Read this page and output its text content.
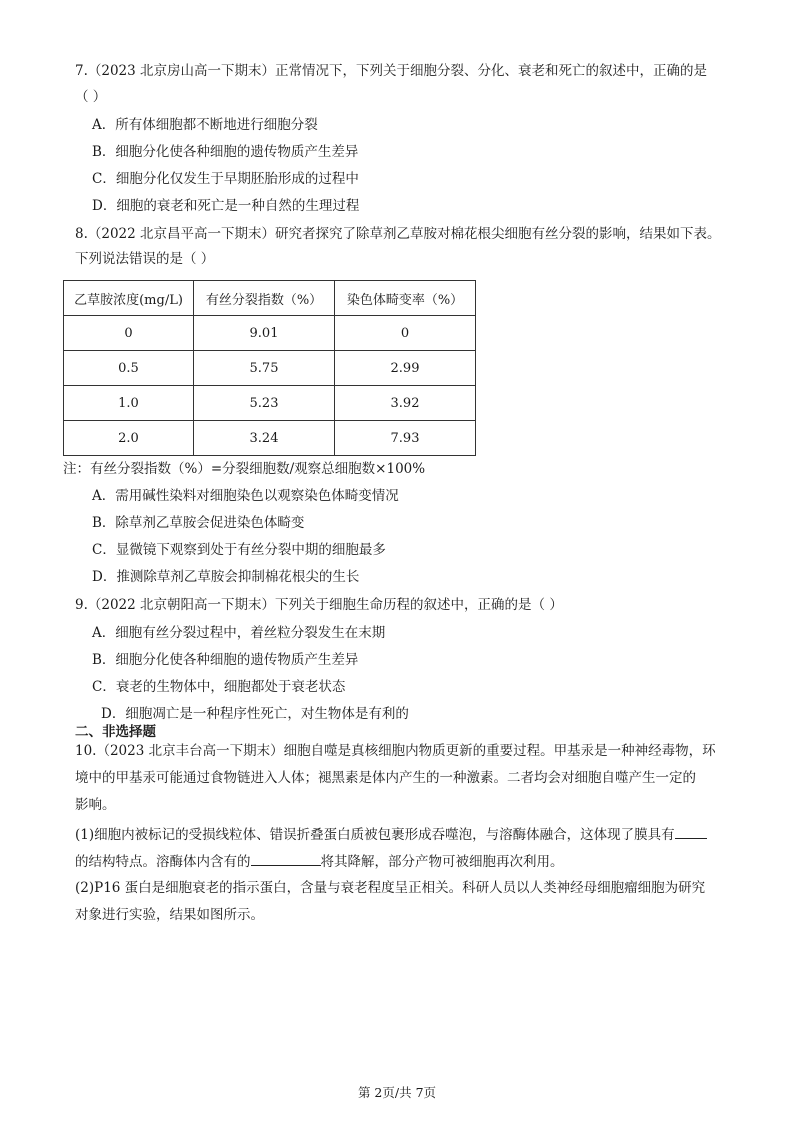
7.（2023 北京房山高一下期末）正常情况下，下列关于细胞分裂、分化、衰老和死亡的叙述中，正确的是
（ ）
A．所有体细胞都不断地进行细胞分裂
B．细胞分化使各种细胞的遗传物质产生差异
C．细胞分化仅发生于早期胚胎形成的过程中
D．细胞的衰老和死亡是一种自然的生理过程
8.（2022 北京昌平高一下期末）研究者探究了除草剂乙草胺对棉花根尖细胞有丝分裂的影响，结果如下表。
下列说法错误的是（ ）
乙草胺浓度(mg/L)	有丝分裂指数（%）	染色体畸变率（%）
0	9.01	0
0.5	5.75	2.99
1.0	5.23	3.92
2.0	3.24	7.93
注：有丝分裂指数（%）=分裂细胞数/观察总细胞数×100%
A．需用碱性染料对细胞染色以观察染色体畸变情况
B．除草剂乙草胺会促进染色体畸变
C．显微镜下观察到处于有丝分裂中期的细胞最多
D．推测除草剂乙草胺会抑制棉花根尖的生长
9.（2022 北京朝阳高一下期末）下列关于细胞生命历程的叙述中，正确的是（ ）
A．细胞有丝分裂过程中，着丝粒分裂发生在末期
B．细胞分化使各种细胞的遗传物质产生差异
C．衰老的生物体中，细胞都处于衰老状态
D．细胞凋亡是一种程序性死亡，对生物体是有利的
二、非选择题
10.（2023 北京丰台高一下期末）细胞自噬是真核细胞内物质更新的重要过程。甲基汞是一种神经毒物，环
境中的甲基汞可能通过食物链进入人体；褪黑素是体内产生的一种激素。二者均会对细胞自噬产生一定的
影响。
(1)细胞内被标记的受损线粒体、错误折叠蛋白质被包裹形成吞噬泡，与溶酶体融合，这体现了膜具有
的结构特点。溶酶体内含有的	将其降解，部分产物可被细胞再次利用。
(2)P16 蛋白是细胞衰老的指示蛋白，含量与衰老程度呈正相关。科研人员以人类神经母细胞瘤细胞为研究
对象进行实验，结果如图所示。
第 2页/共 7页
